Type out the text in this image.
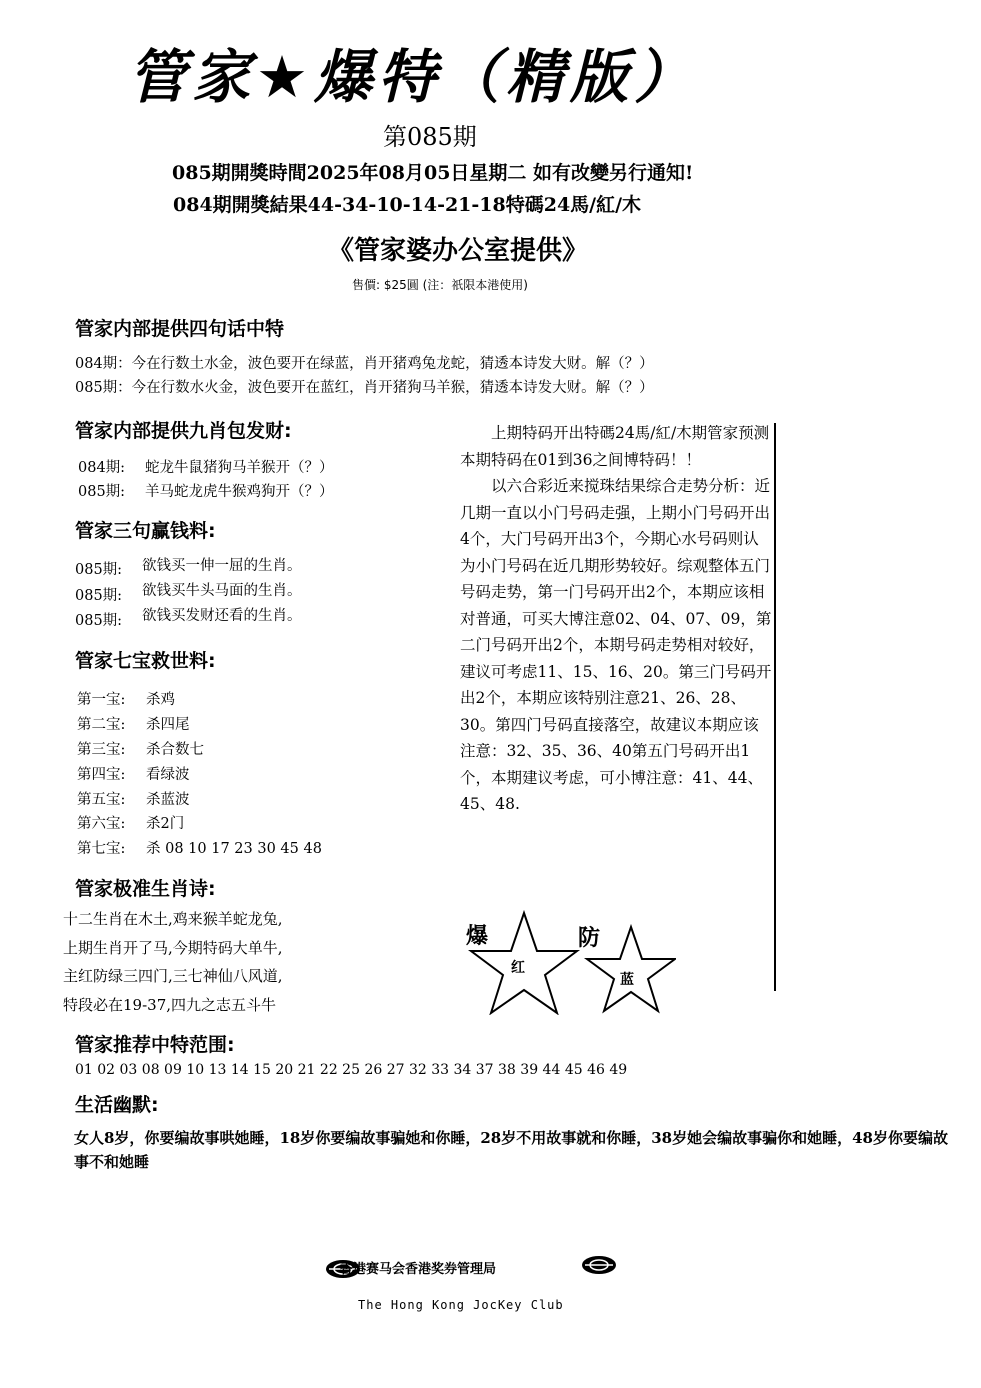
管家★爆特（精版）
第085期
085期開獎時間2025年08月05日星期二 如有改變另行通知!
084期開獎結果44-34-10-14-21-18特碼24馬/紅/木
《管家婆办公室提供》
售價: $25圓 (注：祇限本港使用)
管家内部提供四句话中特
084期：今在行数土水金，波色要开在绿蓝，肖开猪鸡兔龙蛇，猜透本诗发大财。解（？）
085期：今在行数水火金，波色要开在蓝红，肖开猪狗马羊猴，猜透本诗发大财。解（？）
管家内部提供九肖包发财:
084期: 蛇龙牛鼠猪狗马羊猴开（？）
085期: 羊马蛇龙虎牛猴鸡狗开（？）
管家三句赢钱料:
085期: 欲钱买一伸一屈的生肖。
085期: 欲钱买牛头马面的生肖。
085期: 欲钱买发财还看的生肖。
管家七宝救世料:
第一宝: 杀鸡
第二宝: 杀四尾
第三宝: 杀合数七
第四宝: 看绿波
第五宝: 杀蓝波
第六宝: 杀2门
第七宝: 杀 08 10 17 23 30 45 48
管家极准生肖诗:
十二生肖在木土,鸡来猴羊蛇龙兔,
上期生肖开了马,今期特码大单牛,
主红防绿三四门,三七神仙八风道,
特段必在19-37,四九之志五斗牛

上期特码开出特碼24馬/紅/木期管家预测本期特码在01到36之间博特码！！

以六合彩近来搅珠结果综合走势分析：近几期一直以小门号码走强，上期小门号码开出4个，大门号码开出3个，今期心水号码则认为小门号码在近几期形势较好。综观整体五门号码走势，第一门号码开出2个，本期应该相对普通，可买大博注意02、04、07、09，第二门号码开出2个，本期号码走势相对较好，建议可考虑11、15、16、20。第三门号码开出2个，本期应该特别注意21、26、28、30。第四门号码直接落空，故建议本期应该注意：32、35、36、40第五门号码开出1个，本期建议考虑，可小博注意：41、44、45、48.

爆	防
红
蓝
管家推荐中特范围:
01 02 03 08 09 10 13 14 15 20 21 22 25 26 27 32 33 34 37 38 39 44 45 46 49
生活幽默:
女人8岁，你要编故事哄她睡，18岁你要编故事骗她和你睡，28岁不用故事就和你睡，38岁她会编故事骗你和她睡，48岁你要编故事不和她睡
香港赛马会香港奖券管理局
The Hong Kong JocKey Club
